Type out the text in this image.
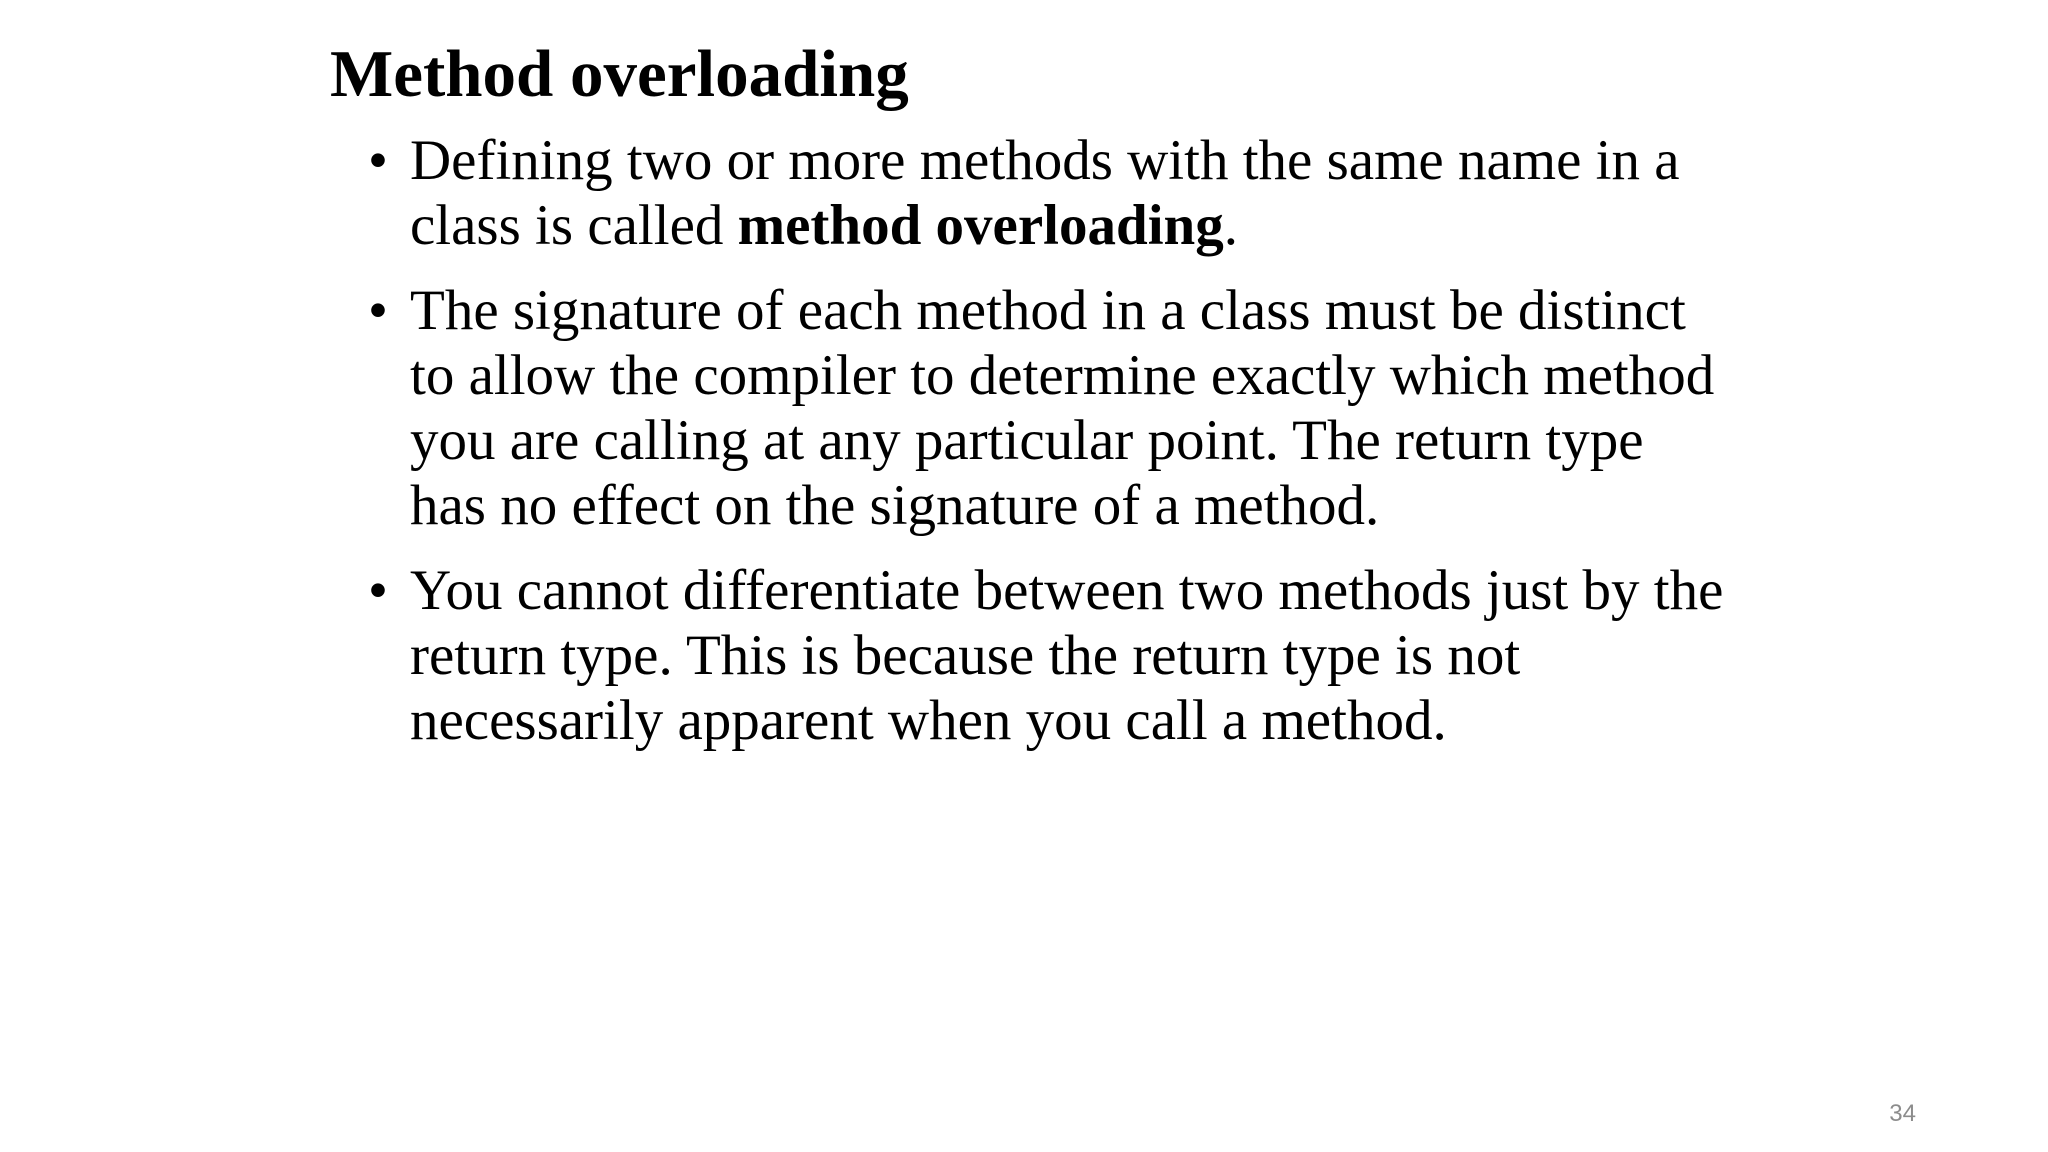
Method overloading
• Defining two or more methods with the same name in a class is called method overloading.
• The signature of each method in a class must be distinct to allow the compiler to determine exactly which method you are calling at any particular point. The return type has no effect on the signature of a method.
• You cannot differentiate between two methods just by the return type. This is because the return type is not necessarily apparent when you call a method.
34
